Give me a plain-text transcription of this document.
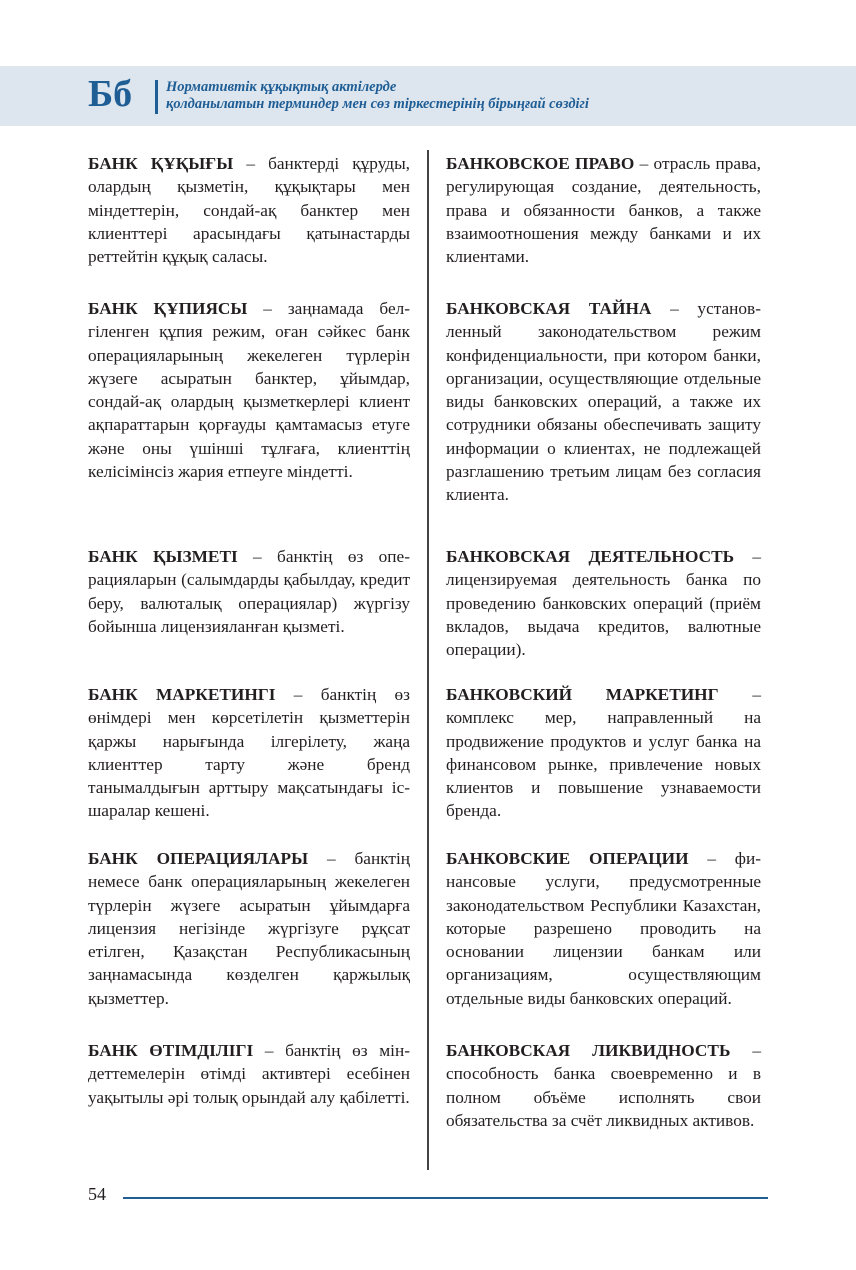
Бб Нормативтік құқықтық актілерде
қолданылатын терминдер мен сөз тіркестерінің бірыңғай сөздігі
БАНК ҚҰҚЫҒЫ – банктерді құруды, олардың қызметін, құқықтары мен міндеттерін, сондай-ақ банктер мен клиенттері арасындағы қатынастарды реттейтін құқық саласы.
БАНКОВСКОЕ ПРАВО – отрасль права, регулирующая создание, деятельность, права и обязанности банков, а также взаимоотношения между банками и их клиентами.
БАНК ҚҰПИЯСЫ – заңнамада белгіленген құпия режим, оған сәйкес банк операцияларының жекелеген түрлерін жүзеге асыратын банктер, ұйымдар, сондай-ақ олардың қызметкерлері клиент ақпараттарын қорғауды қамтамасыз етуге және оны үшінші тұлғаға, клиенттің келісімінсіз жария етпеуге міндетті.
БАНКОВСКАЯ ТАЙНА – установленный законодательством режим конфиденциальности, при котором банки, организации, осуществляющие отдельные виды банковских операций, а также их сотрудники обязаны обеспечивать защиту информации о клиентах, не подлежащей разглашению третьим лицам без согласия клиента.
БАНК ҚЫЗМЕТІ – банктің өз операцияларын (салымдарды қабылдау, кредит беру, валюталық операциялар) жүргізу бойынша лицензияланған қызметі.
БАНКОВСКАЯ ДЕЯТЕЛЬНОСТЬ – лицензируемая деятельность банка по проведению банковских операций (приём вкладов, выдача кредитов, валютные операции).
БАНК МАРКЕТИНГІ – банктің өз өнімдері мен көрсетілетін қызметтерін қаржы нарығында ілгерілету, жаңа клиенттер тарту және бренд танымалдығын арттыру мақсатындағы іс-шаралар кешені.
БАНКОВСКИЙ МАРКЕТИНГ – комплекс мер, направленный на продвижение продуктов и услуг банка на финансовом рынке, привлечение новых клиентов и повышение узнаваемости бренда.
БАНК ОПЕРАЦИЯЛАРЫ – банктің немесе банк операцияларының жекелеген түрлерін жүзеге асыратын ұйымдарға лицензия негізінде жүргізуге рұқсат етілген, Қазақстан Республикасының заңнамасында көзделген қаржылық қызметтер.
БАНКОВСКИЕ ОПЕРАЦИИ – финансовые услуги, предусмотренные законодательством Республики Казахстан, которые разрешено проводить на основании лицензии банкам или организациям, осуществляющим отдельные виды банковских операций.
БАНК ӨТІМДІЛІГІ – банктің өз міндеттемелерін өтімді активтері есебінен уақытылы әрі толық орындай алу қабілетті.
БАНКОВСКАЯ ЛИКВИДНОСТЬ – способность банка своевременно и в полном объёме исполнять свои обязательства за счёт ликвидных активов.
54
